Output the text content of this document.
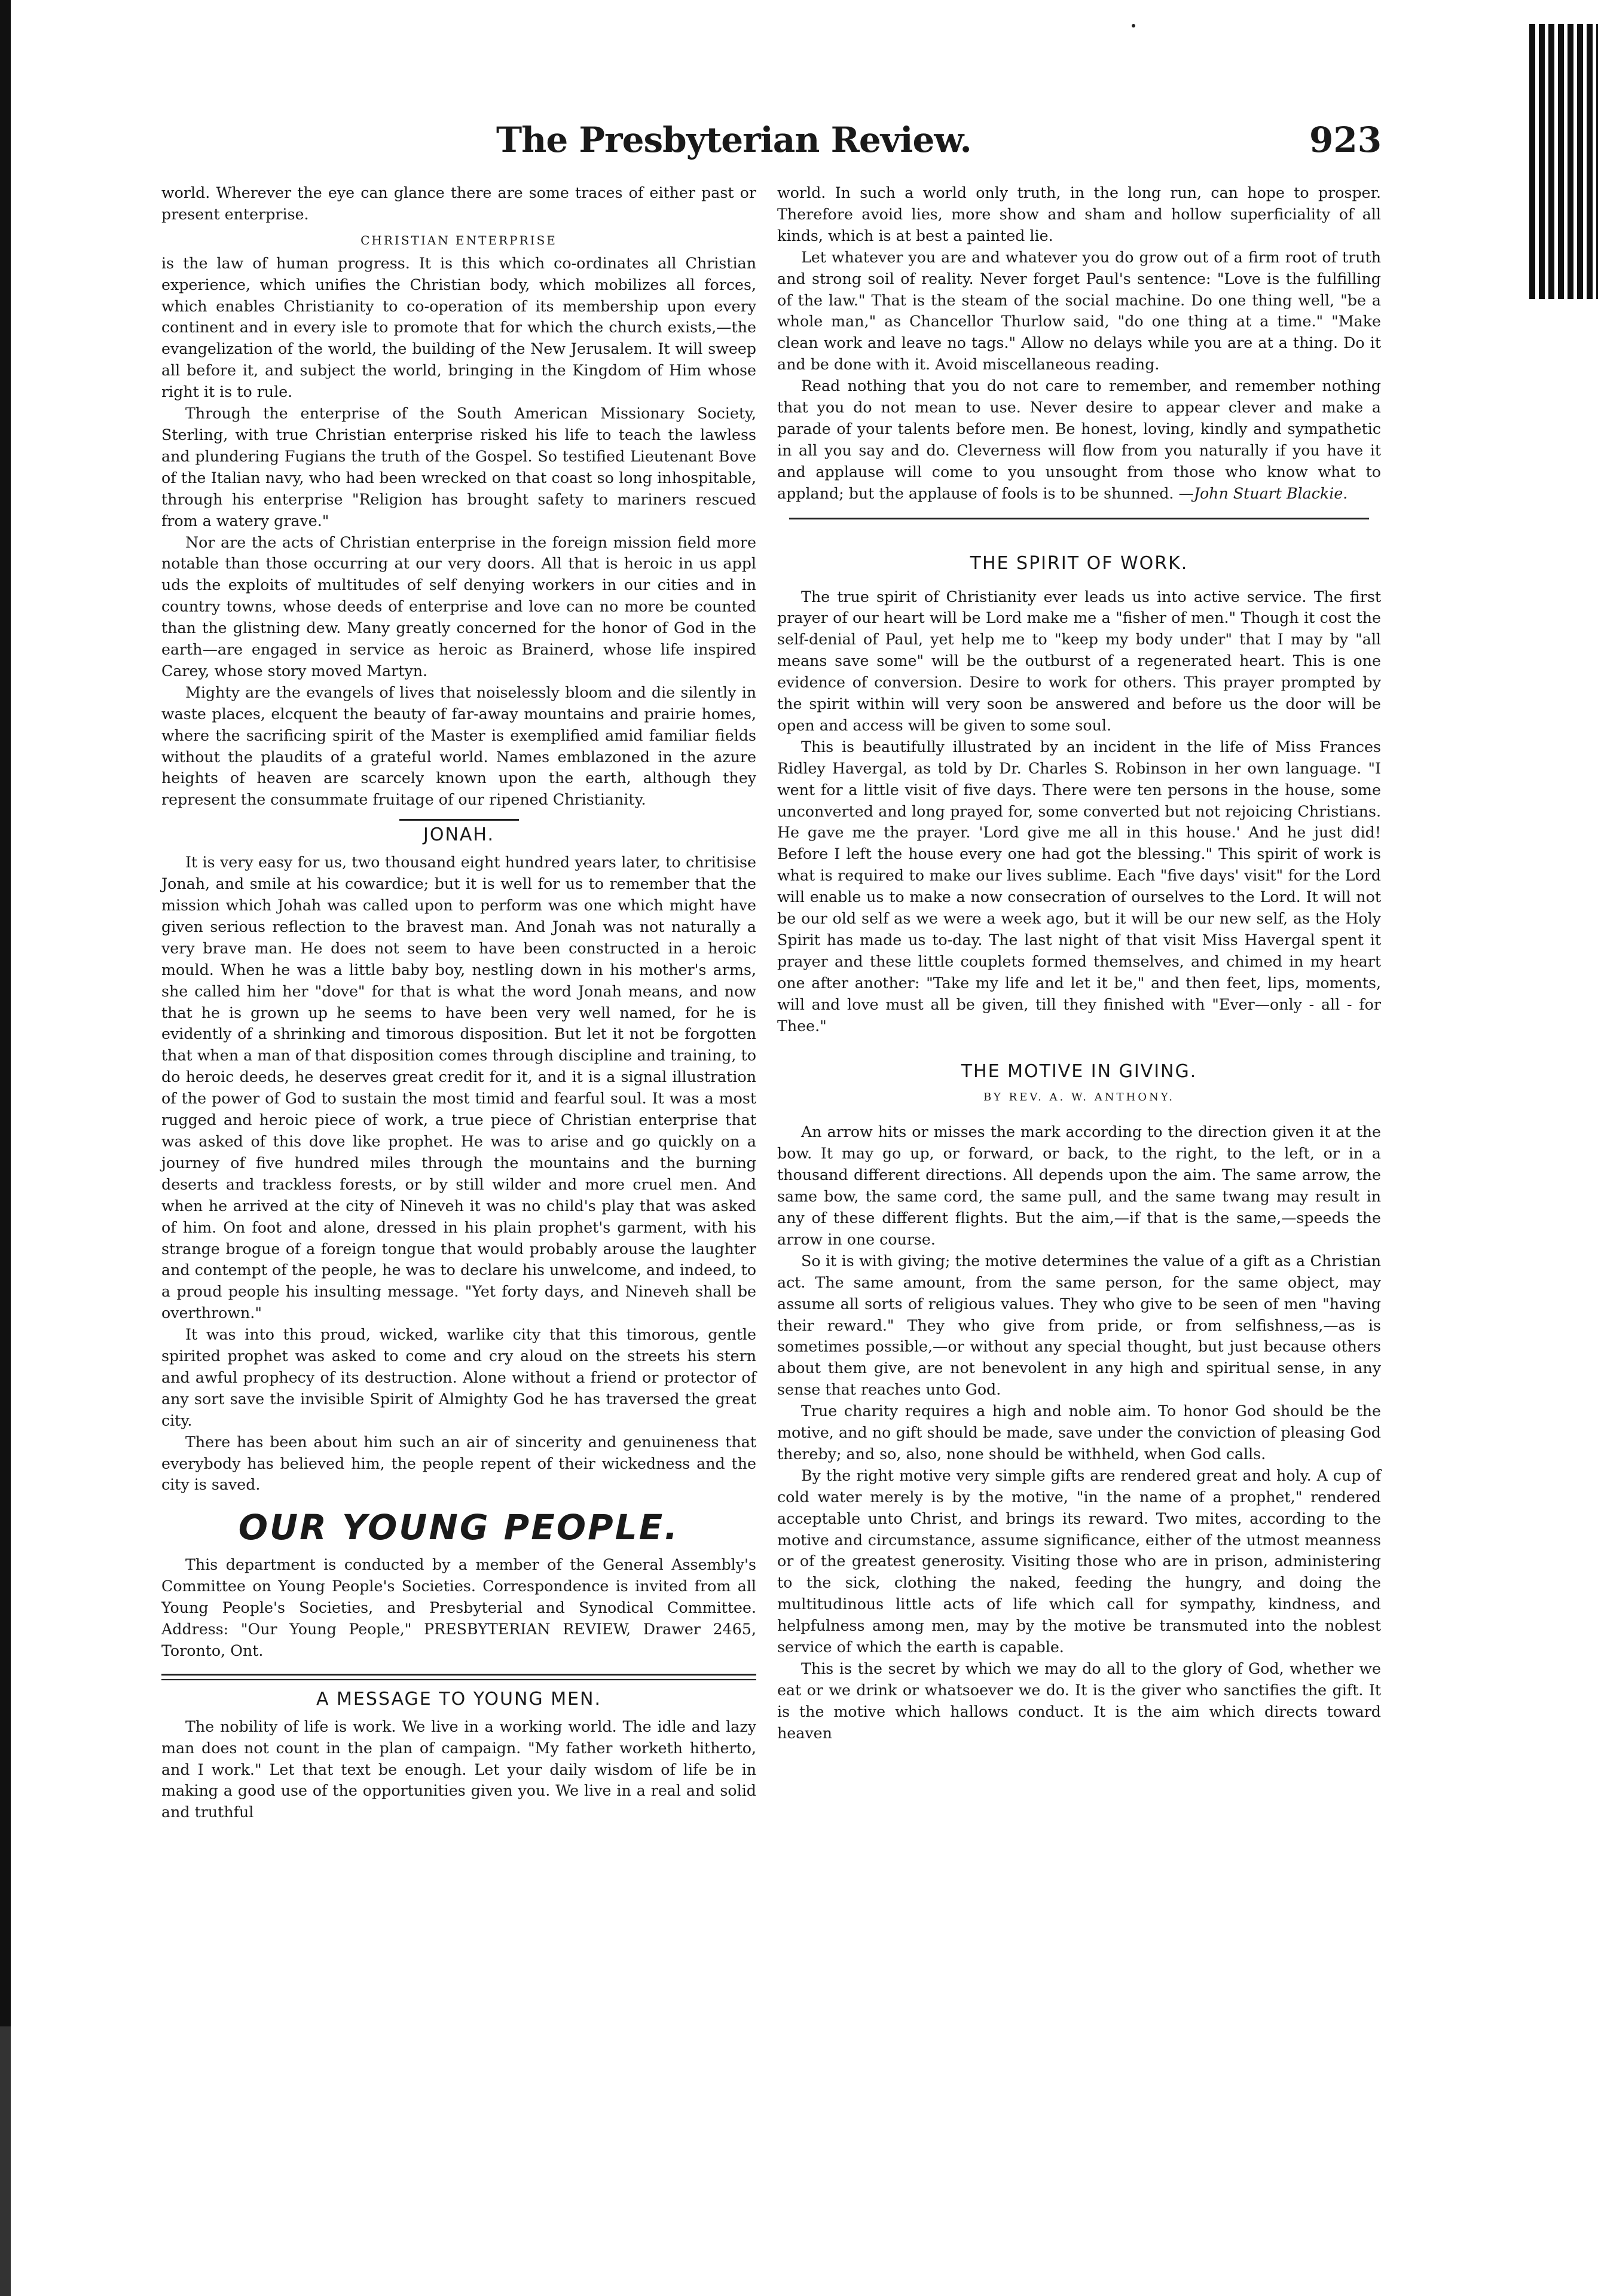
The Presbyterian Review.	923

world. Wherever the eye can glance there are some traces of either past or present enterprise.

CHRISTIAN ENTERPRISE

is the law of human progress. It is this which co-ordinates all Christian experience, which unifies the Christian body, which mobilizes all forces, which enables Christianity to co-operation of its membership upon every continent and in every isle to promote that for which the church exists,—the evangelization of the world, the building of the New Jerusalem. It will sweep all before it, and subject the world, bringing in the Kingdom of Him whose right it is to rule.

Through the enterprise of the South American Missionary Society, Sterling, with true Christian enterprise risked his life to teach the lawless and plundering Fugians the truth of the Gospel. So testified Lieutenant Bove of the Italian navy, who had been wrecked on that coast so long inhospitable, through his enterprise "Religion has brought safety to mariners rescued from a watery grave."

Nor are the acts of Christian enterprise in the foreign mission field more notable than those occurring at our very doors. All that is heroic in us appl uds the exploits of multitudes of self denying workers in our cities and in country towns, whose deeds of enterprise and love can no more be counted than the glistning dew. Many greatly concerned for the honor of God in the earth—are engaged in service as heroic as Brainerd, whose life inspired Carey, whose story moved Martyn.

Mighty are the evangels of lives that noiselessly bloom and die silently in waste places, elcquent the beauty of far-away mountains and prairie homes, where the sacrificing spirit of the Master is exemplified amid familiar fields without the plaudits of a grateful world. Names emblazoned in the azure heights of heaven are scarcely known upon the earth, although they represent the consummate fruitage of our ripened Christianity.

JONAH.

It is very easy for us, two thousand eight hundred years later, to chritisise Jonah, and smile at his cowardice; but it is well for us to remember that the mission which Johah was called upon to perform was one which might have given serious reflection to the bravest man. And Jonah was not naturally a very brave man. He does not seem to have been constructed in a heroic mould. When he was a little baby boy, nestling down in his mother's arms, she called him her "dove" for that is what the word Jonah means, and now that he is grown up he seems to have been very well named, for he is evidently of a shrinking and timorous disposition. But let it not be forgotten that when a man of that disposition comes through discipline and training, to do heroic deeds, he deserves great credit for it, and it is a signal illustration of the power of God to sustain the most timid and fearful soul. It was a most rugged and heroic piece of work, a true piece of Christian enterprise that was asked of this dove like prophet. He was to arise and go quickly on a journey of five hundred miles through the mountains and the burning deserts and trackless forests, or by still wilder and more cruel men. And when he arrived at the city of Nineveh it was no child's play that was asked of him. On foot and alone, dressed in his plain prophet's garment, with his strange brogue of a foreign tongue that would probably arouse the laughter and contempt of the people, he was to declare his unwelcome, and indeed, to a proud people his insulting message. "Yet forty days, and Nineveh shall be overthrown."

It was into this proud, wicked, warlike city that this timorous, gentle spirited prophet was asked to come and cry aloud on the streets his stern and awful prophecy of its destruction. Alone without a friend or protector of any sort save the invisible Spirit of Almighty God he has traversed the great city.

There has been about him such an air of sincerity and genuineness that everybody has believed him, the people repent of their wickedness and the city is saved.

OUR YOUNG PEOPLE.

This department is conducted by a member of the General Assembly's Committee on Young People's Societies. Correspondence is invited from all Young People's Societies, and Presbyterial and Synodical Committee. Address: "Our Young People," PRESBYTERIAN REVIEW, Drawer 2465, Toronto, Ont.

A MESSAGE TO YOUNG MEN.

The nobility of life is work. We live in a working world. The idle and lazy man does not count in the plan of campaign. "My father worketh hitherto, and I work." Let that text be enough. Let your daily wisdom of life be in making a good use of the opportunities given you. We live in a real and solid and truthful

world. In such a world only truth, in the long run, can hope to prosper. Therefore avoid lies, more show and sham and hollow superficiality of all kinds, which is at best a painted lie.

Let whatever you are and whatever you do grow out of a firm root of truth and strong soil of reality. Never forget Paul's sentence: "Love is the fulfilling of the law." That is the steam of the social machine. Do one thing well, "be a whole man," as Chancellor Thurlow said, "do one thing at a time." "Make clean work and leave no tags." Allow no delays while you are at a thing. Do it and be done with it. Avoid miscellaneous reading.

Read nothing that you do not care to remember, and remember nothing that you do not mean to use. Never desire to appear clever and make a parade of your talents before men. Be honest, loving, kindly and sympathetic in all you say and do. Cleverness will flow from you naturally if you have it and applause will come to you unsought from those who know what to appland; but the applause of fools is to be shunned. —John Stuart Blackie.

THE SPIRIT OF WORK.

The true spirit of Christianity ever leads us into active service. The first prayer of our heart will be Lord make me a "fisher of men." Though it cost the self-denial of Paul, yet help me to "keep my body under" that I may by "all means save some" will be the outburst of a regenerated heart. This is one evidence of conversion. Desire to work for others. This prayer prompted by the spirit within will very soon be answered and before us the door will be open and access will be given to some soul.

This is beautifully illustrated by an incident in the life of Miss Frances Ridley Havergal, as told by Dr. Charles S. Robinson in her own language. "I went for a little visit of five days. There were ten persons in the house, some unconverted and long prayed for, some converted but not rejoicing Christians. He gave me the prayer. 'Lord give me all in this house.' And he just did! Before I left the house every one had got the blessing." This spirit of work is what is required to make our lives sublime. Each "five days' visit" for the Lord will enable us to make a now consecration of ourselves to the Lord. It will not be our old self as we were a week ago, but it will be our new self, as the Holy Spirit has made us to-day. The last night of that visit Miss Havergal spent it prayer and these little couplets formed themselves, and chimed in my heart one after another: "Take my life and let it be," and then feet, lips, moments, will and love must all be given, till they finished with "Ever—only - all - for Thee."

THE MOTIVE IN GIVING.
BY REV. A. W. ANTHONY.

An arrow hits or misses the mark according to the direction given it at the bow. It may go up, or forward, or back, to the right, to the left, or in a thousand different directions. All depends upon the aim. The same arrow, the same bow, the same cord, the same pull, and the same twang may result in any of these different flights. But the aim,—if that is the same,—speeds the arrow in one course.

So it is with giving; the motive determines the value of a gift as a Christian act. The same amount, from the same person, for the same object, may assume all sorts of religious values. They who give to be seen of men "having their reward." They who give from pride, or from selfishness,—as is sometimes possible,—or without any special thought, but just because others about them give, are not benevolent in any high and spiritual sense, in any sense that reaches unto God.

True charity requires a high and noble aim. To honor God should be the motive, and no gift should be made, save under the conviction of pleasing God thereby; and so, also, none should be withheld, when God calls.

By the right motive very simple gifts are rendered great and holy. A cup of cold water merely is by the motive, "in the name of a prophet," rendered acceptable unto Christ, and brings its reward. Two mites, according to the motive and circumstance, assume significance, either of the utmost meanness or of the greatest generosity. Visiting those who are in prison, administering to the sick, clothing the naked, feeding the hungry, and doing the multitudinous little acts of life which call for sympathy, kindness, and helpfulness among men, may by the motive be transmuted into the noblest service of which the earth is capable.

This is the secret by which we may do all to the glory of God, whether we eat or we drink or whatsoever we do. It is the giver who sanctifies the gift. It is the motive which hallows conduct. It is the aim which directs toward heaven
